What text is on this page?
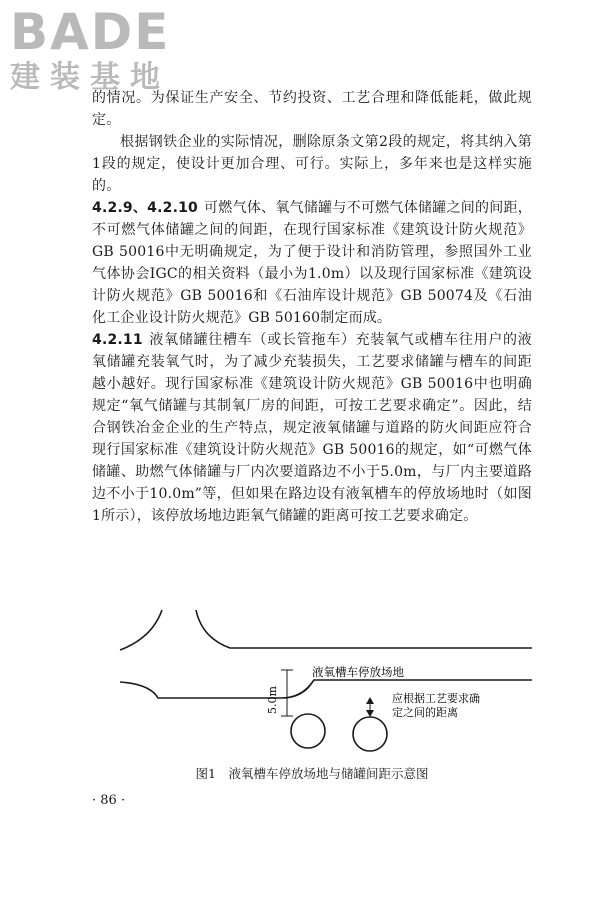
BADE
建装基地

的情况。为保证生产安全、节约投资、工艺合理和降低能耗，做此规定。

根据钢铁企业的实际情况，删除原条文第2段的规定，将其纳入第1段的规定，使设计更加合理、可行。实际上，多年来也是这样实施的。

4.2.9、4.2.10 可燃气体、氧气储罐与不可燃气体储罐之间的间距，不可燃气体储罐之间的间距，在现行国家标准《建筑设计防火规范》GB 50016中无明确规定，为了便于设计和消防管理，参照国外工业气体协会IGC的相关资料（最小为1.0m）以及现行国家标准《建筑设计防火规范》GB 50016和《石油库设计规范》GB 50074及《石油化工企业设计防火规范》GB 50160制定而成。

4.2.11 液氧储罐往槽车（或长管拖车）充装氧气或槽车往用户的液氧储罐充装氧气时，为了减少充装损失，工艺要求储罐与槽车的间距越小越好。现行国家标准《建筑设计防火规范》GB 50016中也明确规定“氧气储罐与其制氧厂房的间距，可按工艺要求确定”。因此，结合钢铁冶金企业的生产特点，规定液氧储罐与道路的防火间距应符合现行国家标准《建筑设计防火规范》GB 50016的规定，如“可燃气体储罐、助燃气体储罐与厂内次要道路边不小于5.0m，与厂内主要道路边不小于10.0m”等，但如果在路边设有液氧槽车的停放场地时（如图1所示），该停放场地边距氧气储罐的距离可按工艺要求确定。

5.0m
液氧槽车停放场地
应根据工艺要求确
定之间的距离
图1　液氧槽车停放场地与储罐间距示意图
· 86 ·
